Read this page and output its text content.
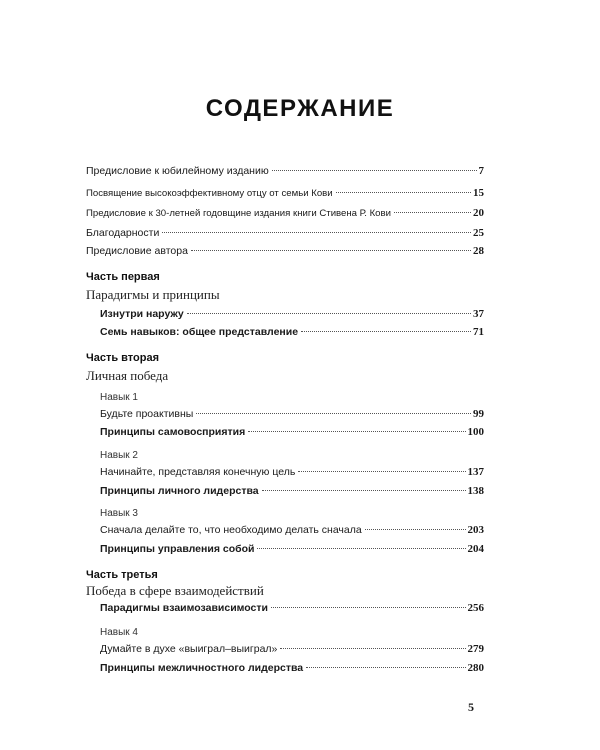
СОДЕРЖАНИЕ
Предисловие к юбилейному изданию	7
Посвящение высокоэффективному отцу от семьи Кови	15
Предисловие к 30-летней годовщине издания книги Стивена Р. Кови	20
Благодарности	25
Предисловие автора	28
Часть первая
Парадигмы и принципы
Изнутри наружу	37
Семь навыков: общее представление	71
Часть вторая
Личная победа
Навык 1
Будьте проактивны	99
Принципы самовосприятия	100
Навык 2
Начинайте, представляя конечную цель	137
Принципы личного лидерства	138
Навык 3
Сначала делайте то, что необходимо делать сначала	203
Принципы управления собой	204
Часть третья
Победа в сфере взаимодействий
Парадигмы взаимозависимости	256
Навык 4
Думайте в духе «выиграл–выиграл»	279
Принципы межличностного лидерства	280
5
